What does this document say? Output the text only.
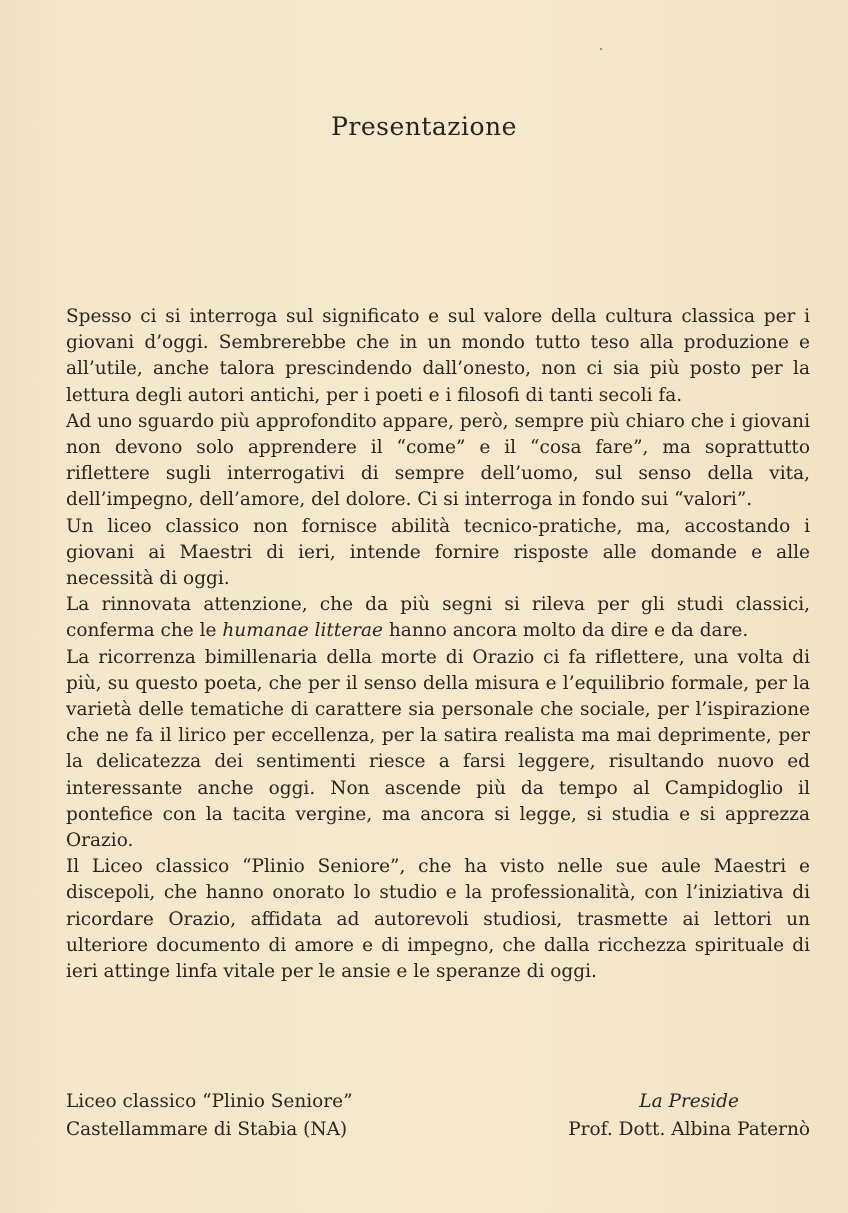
Presentazione

Spesso ci si interroga sul significato e sul valore della cultura classica per i giovani d’oggi. Sembrerebbe che in un mondo tutto teso alla produzione e all’utile, anche talora prescindendo dall’onesto, non ci sia più posto per la lettura degli autori antichi, per i poeti e i filosofi di tanti secoli fa.

Ad uno sguardo più approfondito appare, però, sempre più chiaro che i giovani non devono solo apprendere il “come” e il “cosa fare”, ma soprattutto riflettere sugli interrogativi di sempre dell’uomo, sul senso della vita, dell’impegno, dell’amore, del dolore. Ci si interroga in fondo sui “valori”.

Un liceo classico non fornisce abilità tecnico-pratiche, ma, accostando i giovani ai Maestri di ieri, intende fornire risposte alle domande e alle necessità di oggi.

La rinnovata attenzione, che da più segni si rileva per gli studi classici, conferma che le humanae litterae hanno ancora molto da dire e da dare.

La ricorrenza bimillenaria della morte di Orazio ci fa riflettere, una volta di più, su questo poeta, che per il senso della misura e l’equilibrio formale, per la varietà delle tematiche di carattere sia personale che sociale, per l’ispirazione che ne fa il lirico per eccellenza, per la satira realista ma mai deprimente, per la delicatezza dei sentimenti riesce a farsi leggere, risultando nuovo ed interessante anche oggi. Non ascende più da tempo al Campidoglio il pontefice con la tacita vergine, ma ancora si legge, si studia e si apprezza Orazio.

Il Liceo classico “Plinio Seniore”, che ha visto nelle sue aule Maestri e discepoli, che hanno onorato lo studio e la professionalità, con l’iniziativa di ricordare Orazio, affidata ad autorevoli studiosi, trasmette ai lettori un ulteriore documento di amore e di impegno, che dalla ricchezza spirituale di ieri attinge linfa vitale per le ansie e le speranze di oggi.

Liceo classico “Plinio Seniore”
Castellammare di Stabia (NA)
La Preside
Prof. Dott. Albina Paternò
